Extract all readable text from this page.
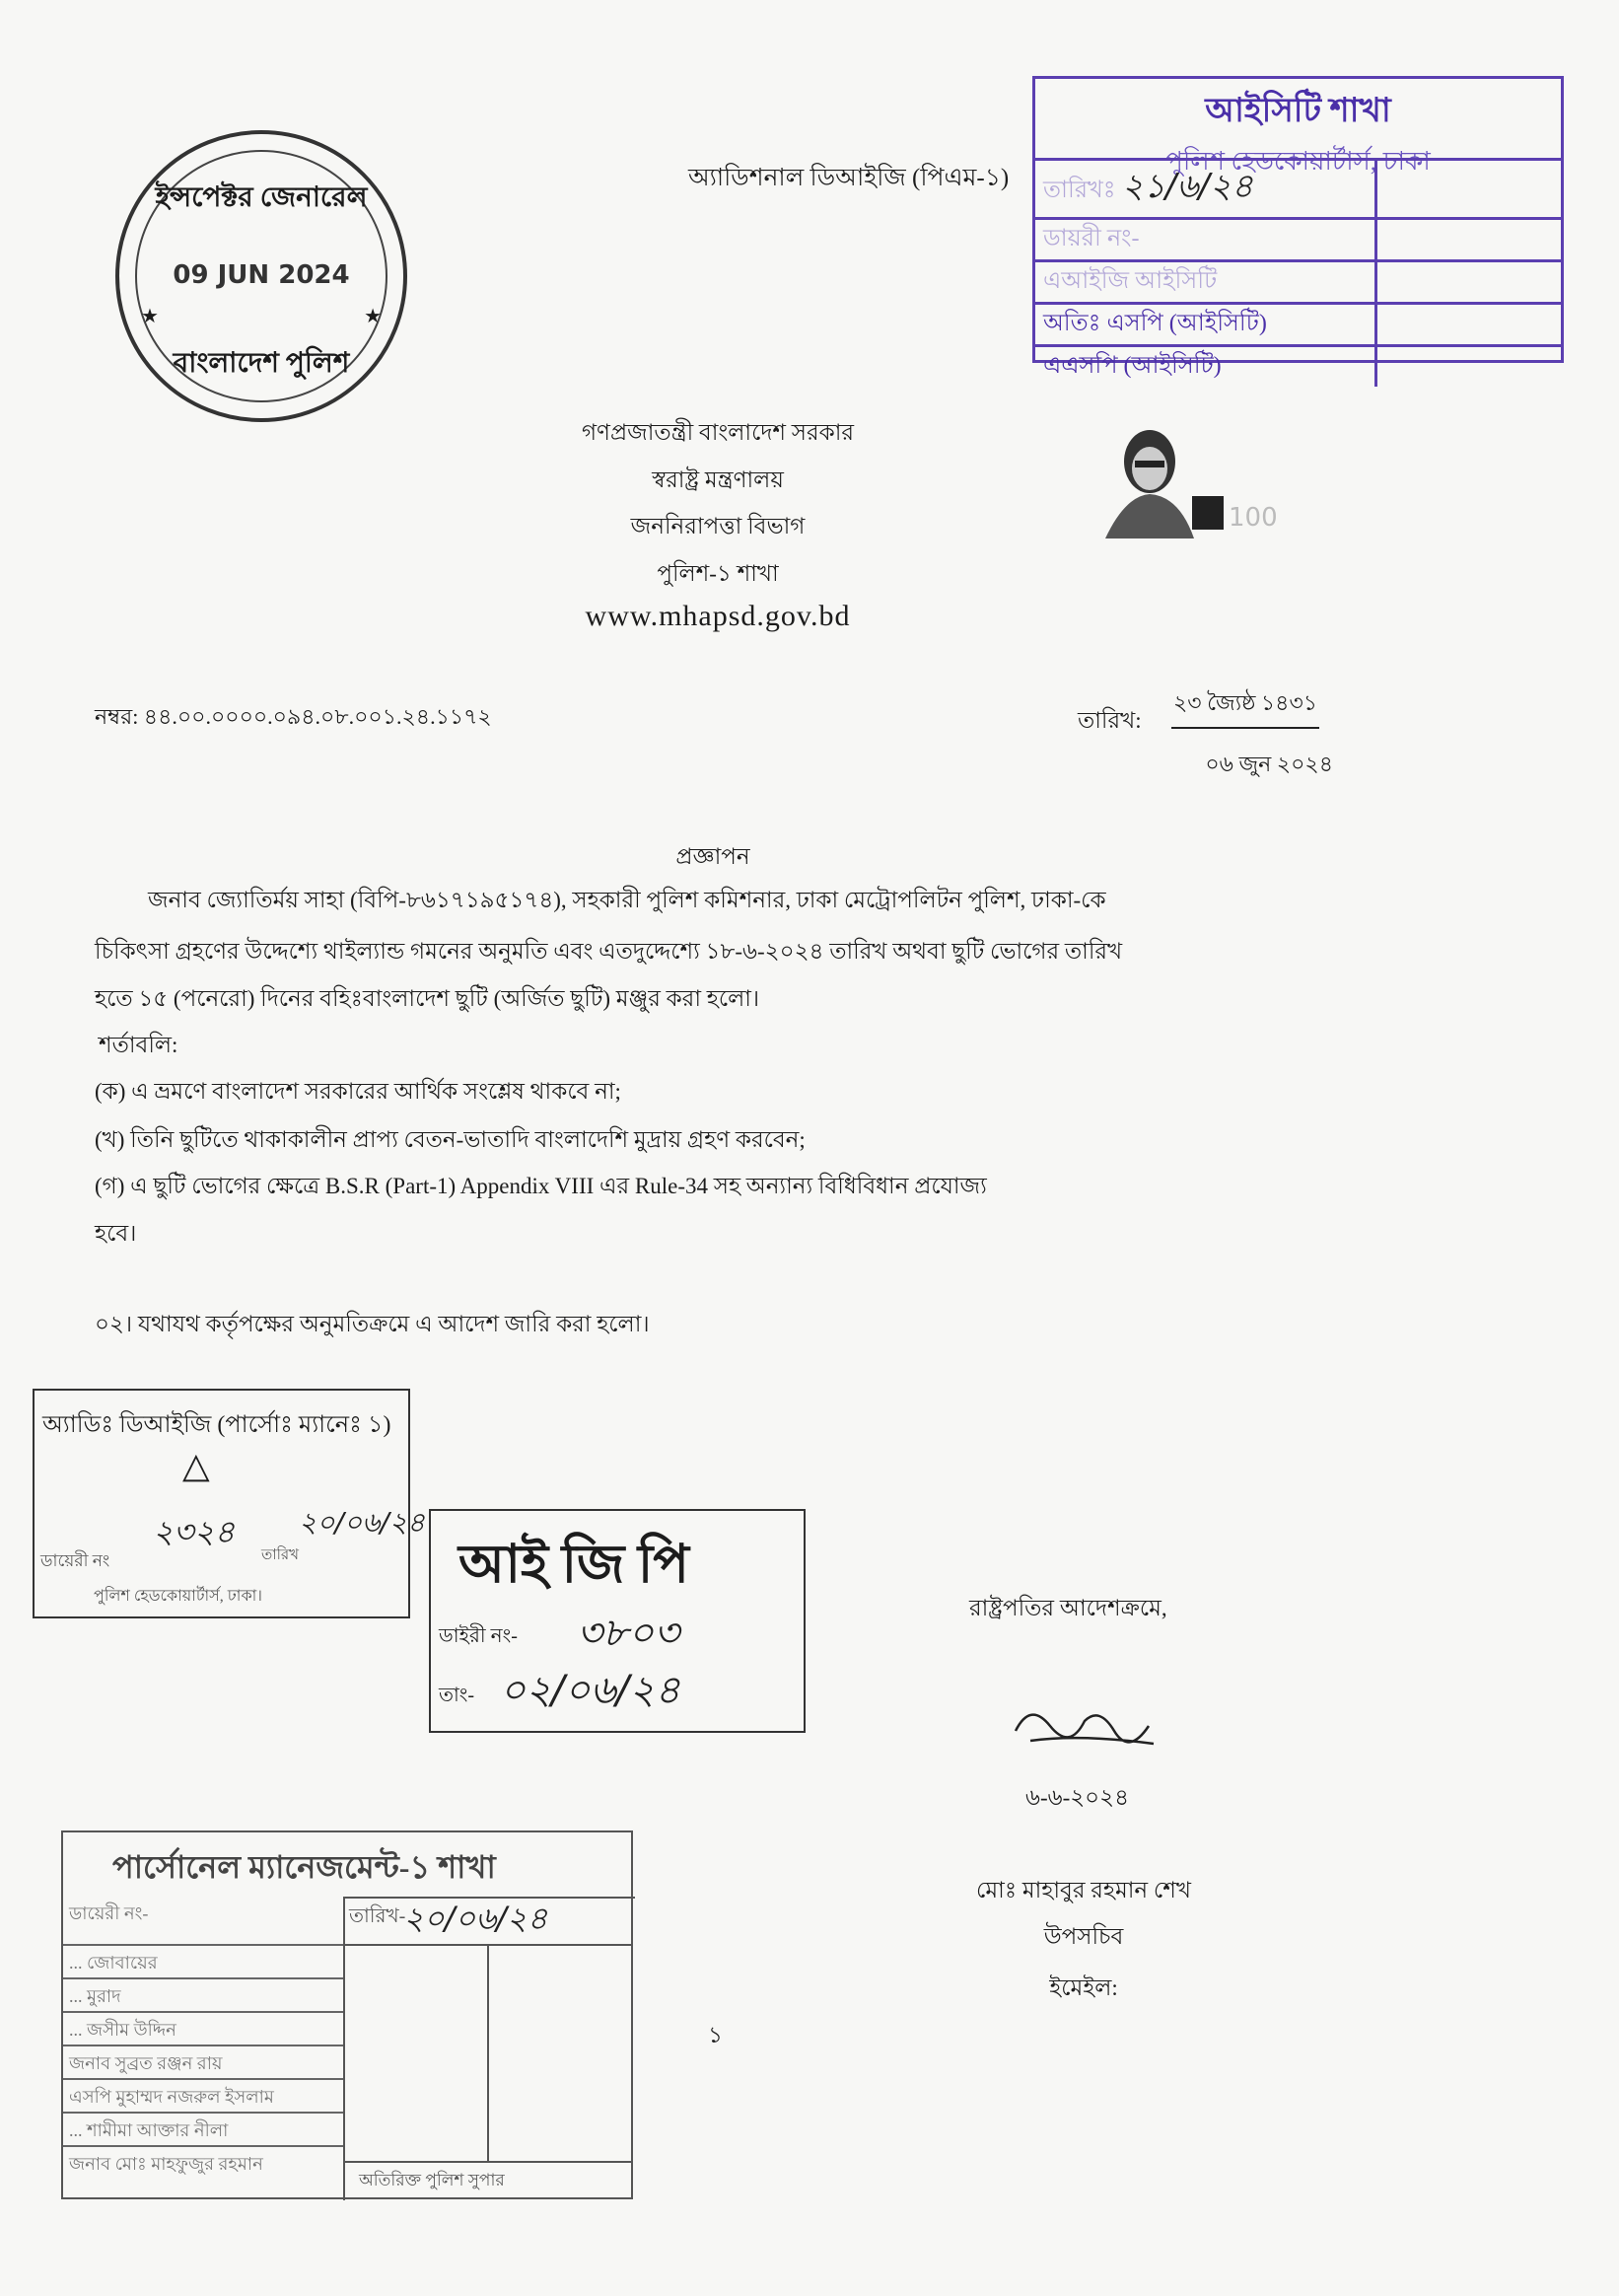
ইন্সপেক্টর জেনারেল
★
09 JUN 2024
★
বাংলাদেশ পুলিশ
অ্যাডিশনাল ডিআইজি (পিএম-১)
আইসিটি শাখা
পুলিশ হেডকোয়ার্টার্স, ঢাকা
তারিখঃ ২১/৬/২৪	
ডায়রী নং-	
এআইজি আইসিটি	
অতিঃ এসপি (আইসিটি)	
এএসপি (আইসিটি)	
গণপ্রজাতন্ত্রী বাংলাদেশ সরকার
স্বরাষ্ট্র মন্ত্রণালয়
জননিরাপত্তা বিভাগ
পুলিশ-১ শাখা
www.mhapsd.gov.bd
100
নম্বর: ৪৪.০০.০০০০.০৯৪.০৮.০০১.২৪.১১৭২	তারিখ:
২৩ জ্যৈষ্ঠ ১৪৩১
০৬ জুন ২০২৪
প্রজ্ঞাপন
জনাব জ্যোতির্ময় সাহা (বিপি-৮৬১৭১৯৫১৭৪), সহকারী পুলিশ কমিশনার, ঢাকা মেট্রোপলিটন পুলিশ, ঢাকা-কে
চিকিৎসা গ্রহণের উদ্দেশ্যে থাইল্যান্ড গমনের অনুমতি এবং এতদুদ্দেশ্যে ১৮-৬-২০২৪ তারিখ অথবা ছুটি ভোগের তারিখ
হতে ১৫ (পনেরো) দিনের বহিঃবাংলাদেশ ছুটি (অর্জিত ছুটি) মঞ্জুর করা হলো।
শর্তাবলি:
(ক) এ ভ্রমণে বাংলাদেশ সরকারের আর্থিক সংশ্লেষ থাকবে না;
(খ) তিনি ছুটিতে থাকাকালীন প্রাপ্য বেতন-ভাতাদি বাংলাদেশি মুদ্রায় গ্রহণ করবেন;
(গ) এ ছুটি ভোগের ক্ষেত্রে B.S.R (Part-1) Appendix VIII এর Rule-34 সহ অন্যান্য বিধিবিধান প্রযোজ্য
হবে।
০২। যথাযথ কর্তৃপক্ষের অনুমতিক্রমে এ আদেশ জারি করা হলো।
অ্যাডিঃ ডিআইজি (পার্সোঃ ম্যানেঃ ১)
△
২৩২৪ ২০/০৬/২৪
ডায়েরী নং	তারিখ
পুলিশ হেডকোয়ার্টার্স, ঢাকা।
আই জি পি
ডাইরী নং- ৩৮০৩
তাং- ০২/০৬/২৪
রাষ্ট্রপতির আদেশক্রমে,
৬-৬-২০২৪
মোঃ মাহাবুর রহমান শেখ
উপসচিব
ইমেইল:
পার্সোনেল ম্যানেজমেন্ট-১ শাখা
তারিখ-
২০/০৬/২৪
অতিরিক্ত পুলিশ সুপার
ডায়েরী নং-
... জোবায়ের
... মুরাদ
... জসীম উদ্দিন
জনাব সুব্রত রঞ্জন রায়
এসপি মুহাম্মদ নজরুল ইসলাম
... শামীমা আক্তার নীলা
জনাব মোঃ মাহফুজুর রহমান
১
